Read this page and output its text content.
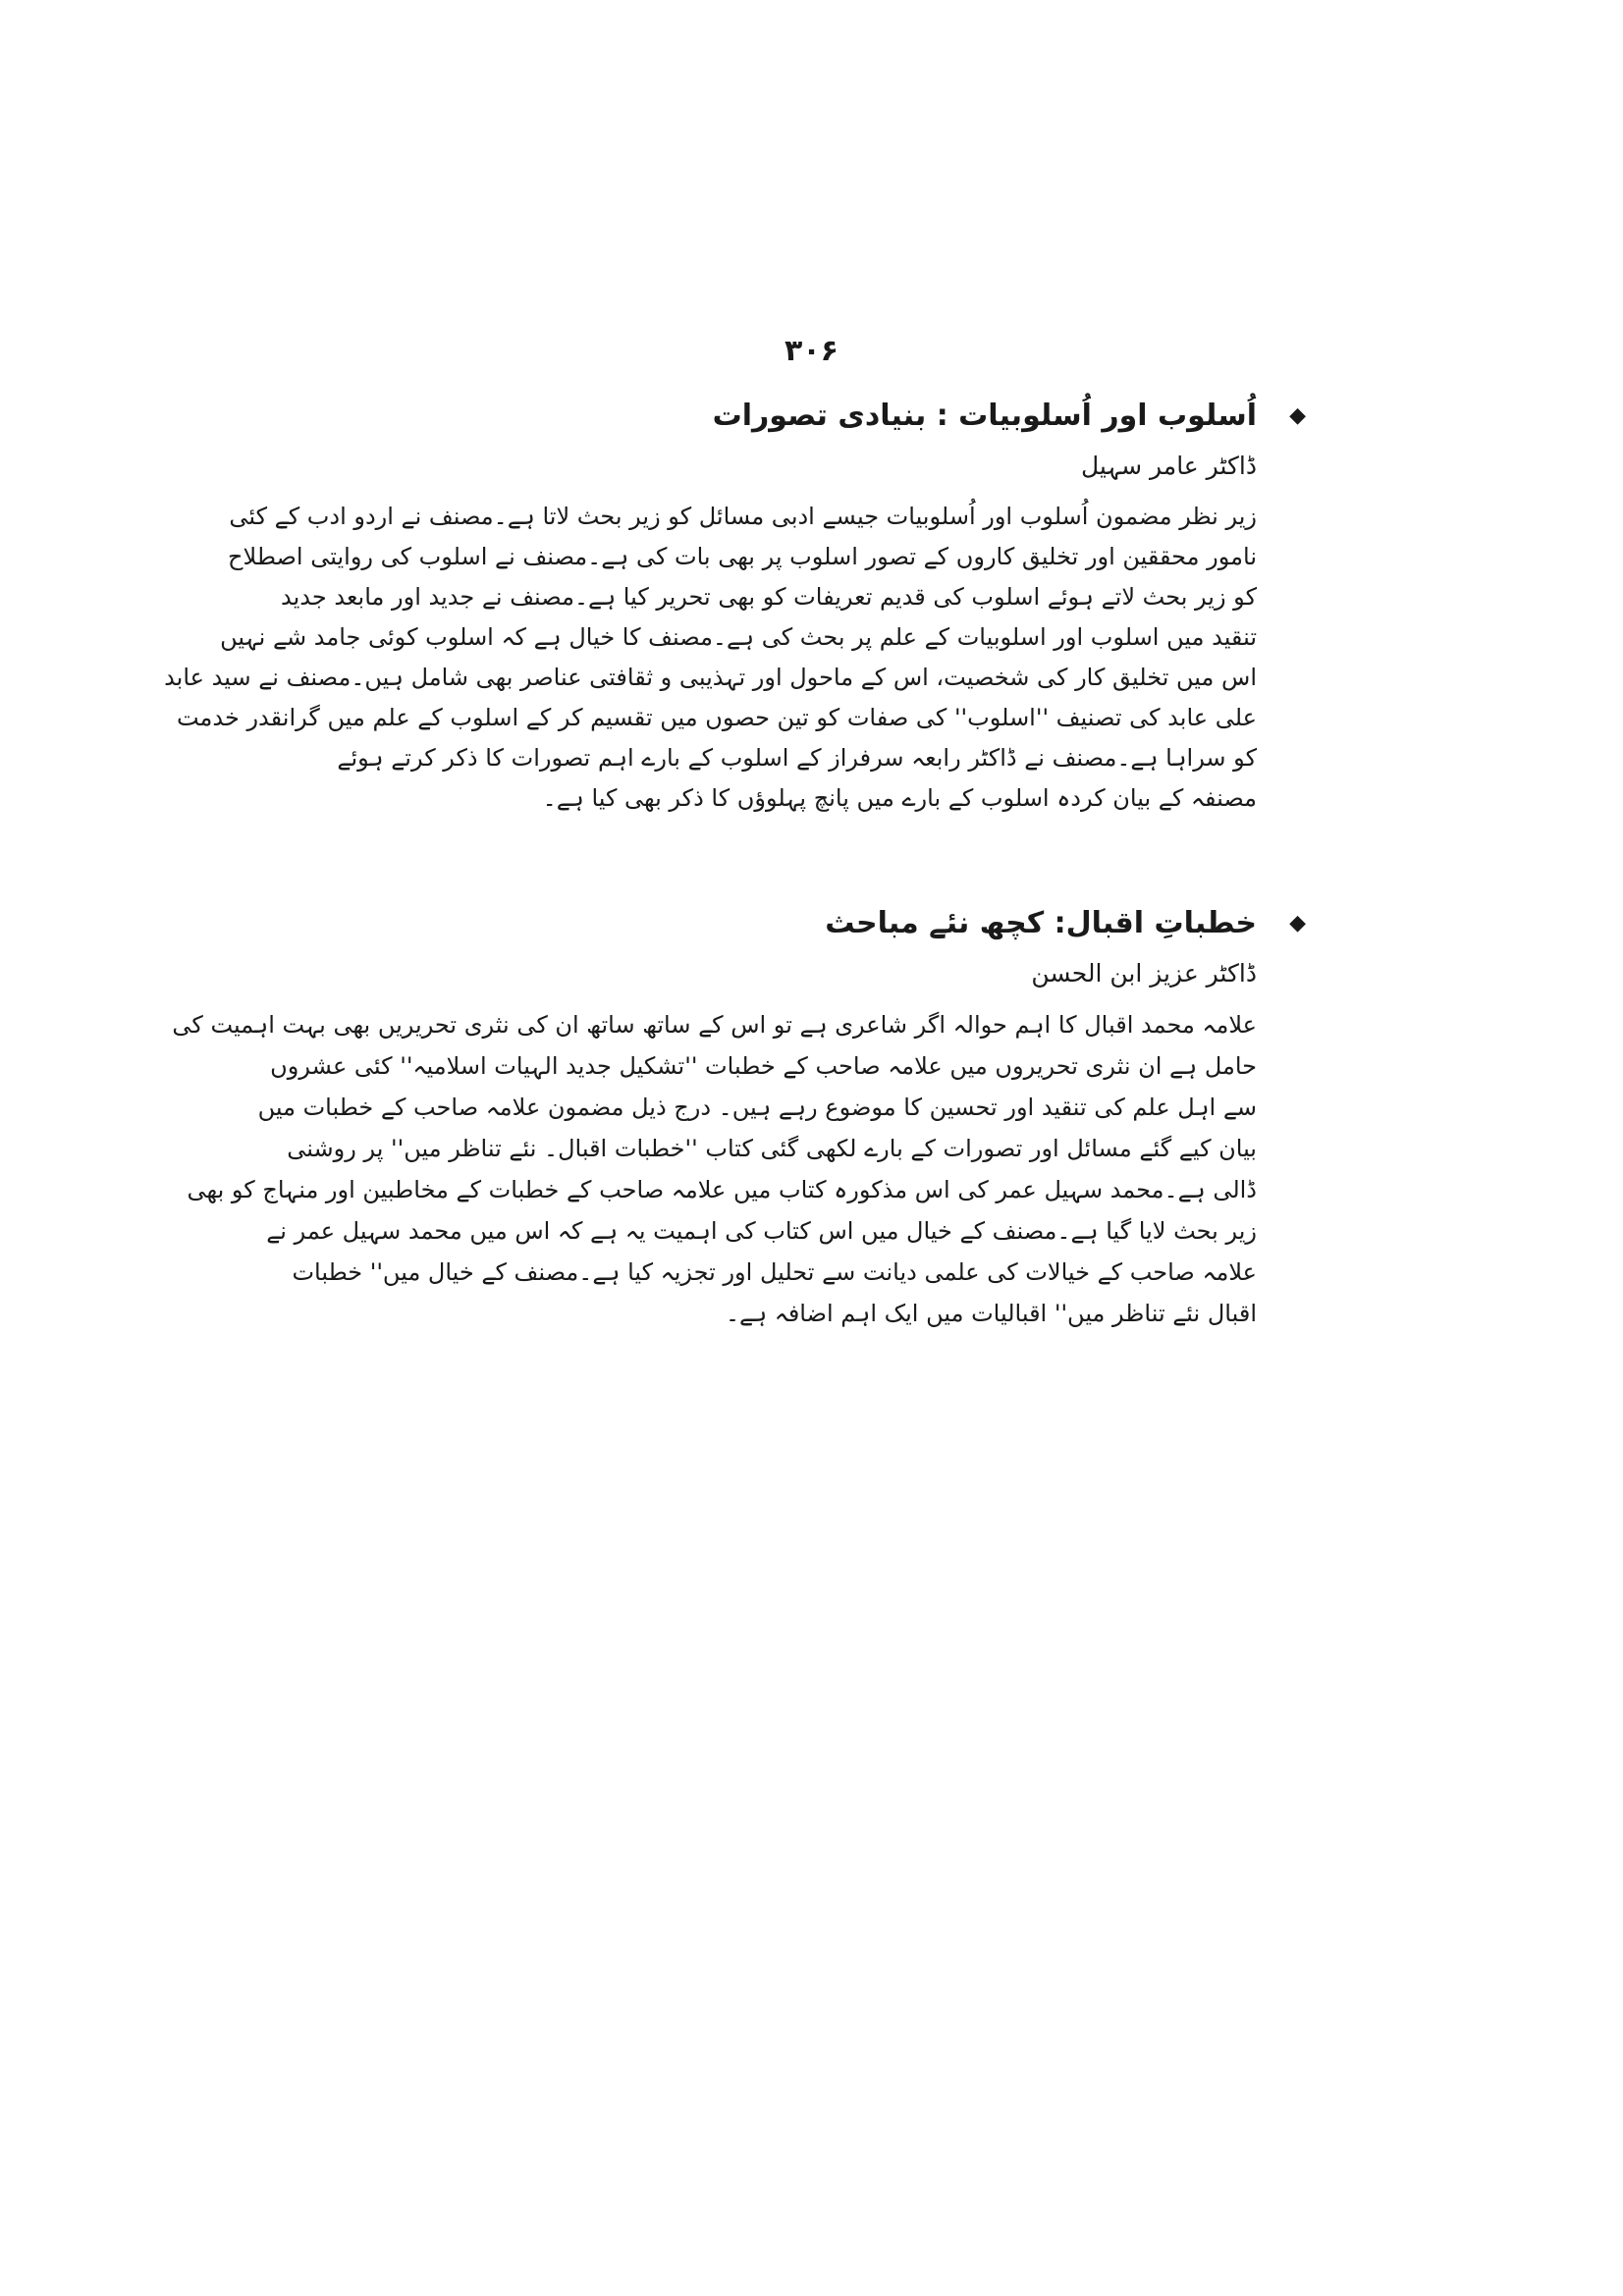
۳۰۶
◆
اُسلوب اور اُسلوبیات : بنیادی تصورات
ڈاکٹر عامر سہیل
زیر نظر مضمون اُسلوب اور اُسلوبیات جیسے ادبی مسائل کو زیر بحث لاتا ہے۔مصنف نے اردو ادب کے کئی
نامور محققین اور تخلیق کاروں کے تصور اسلوب پر بھی بات کی ہے۔مصنف نے اسلوب کی روایتی اصطلاح
کو زیر بحث لاتے ہوئے اسلوب کی قدیم تعریفات کو بھی تحریر کیا ہے۔مصنف نے جدید اور مابعد جدید
تنقید میں اسلوب اور اسلوبیات کے علم پر بحث کی ہے۔مصنف کا خیال ہے کہ اسلوب کوئی جامد شے نہیں
اس میں تخلیق کار کی شخصیت، اس کے ماحول اور تہذیبی و ثقافتی عناصر بھی شامل ہیں۔مصنف نے سید عابد
علی عابد کی تصنیف ''اسلوب'' کی صفات کو تین حصوں میں تقسیم کر کے اسلوب کے علم میں گرانقدر خدمت
کو سراہا ہے۔مصنف نے ڈاکٹر رابعہ سرفراز کے اسلوب کے بارے اہم تصورات کا ذکر کرتے ہوئے
مصنفہ کے بیان کردہ اسلوب کے بارے میں پانچ پہلوؤں کا ذکر بھی کیا ہے۔
◆
خطباتِ اقبال: کچھ نئے مباحث
ڈاکٹر عزیز ابن الحسن
علامہ محمد اقبال کا اہم حوالہ اگر شاعری ہے تو اس کے ساتھ ساتھ ان کی نثری تحریریں بھی بہت اہمیت کی
حامل ہے ان نثری تحریروں میں علامہ صاحب کے خطبات ''تشکیل جدید الہیات اسلامیہ'' کئی عشروں
سے اہل علم کی تنقید اور تحسین کا موضوع رہے ہیں۔ درج ذیل مضمون علامہ صاحب کے خطبات میں
بیان کیے گئے مسائل اور تصورات کے بارے لکھی گئی کتاب ''خطبات اقبال۔ نئے تناظر میں'' پر روشنی
ڈالی ہے۔محمد سہیل عمر کی اس مذکورہ کتاب میں علامہ صاحب کے خطبات کے مخاطبین اور منہاج کو بھی
زیر بحث لایا گیا ہے۔مصنف کے خیال میں اس کتاب کی اہمیت یہ ہے کہ اس میں محمد سہیل عمر نے
علامہ صاحب کے خیالات کی علمی دیانت سے تحلیل اور تجزیہ کیا ہے۔مصنف کے خیال میں'' خطبات
اقبال نئے تناظر میں'' اقبالیات میں ایک اہم اضافہ ہے۔
